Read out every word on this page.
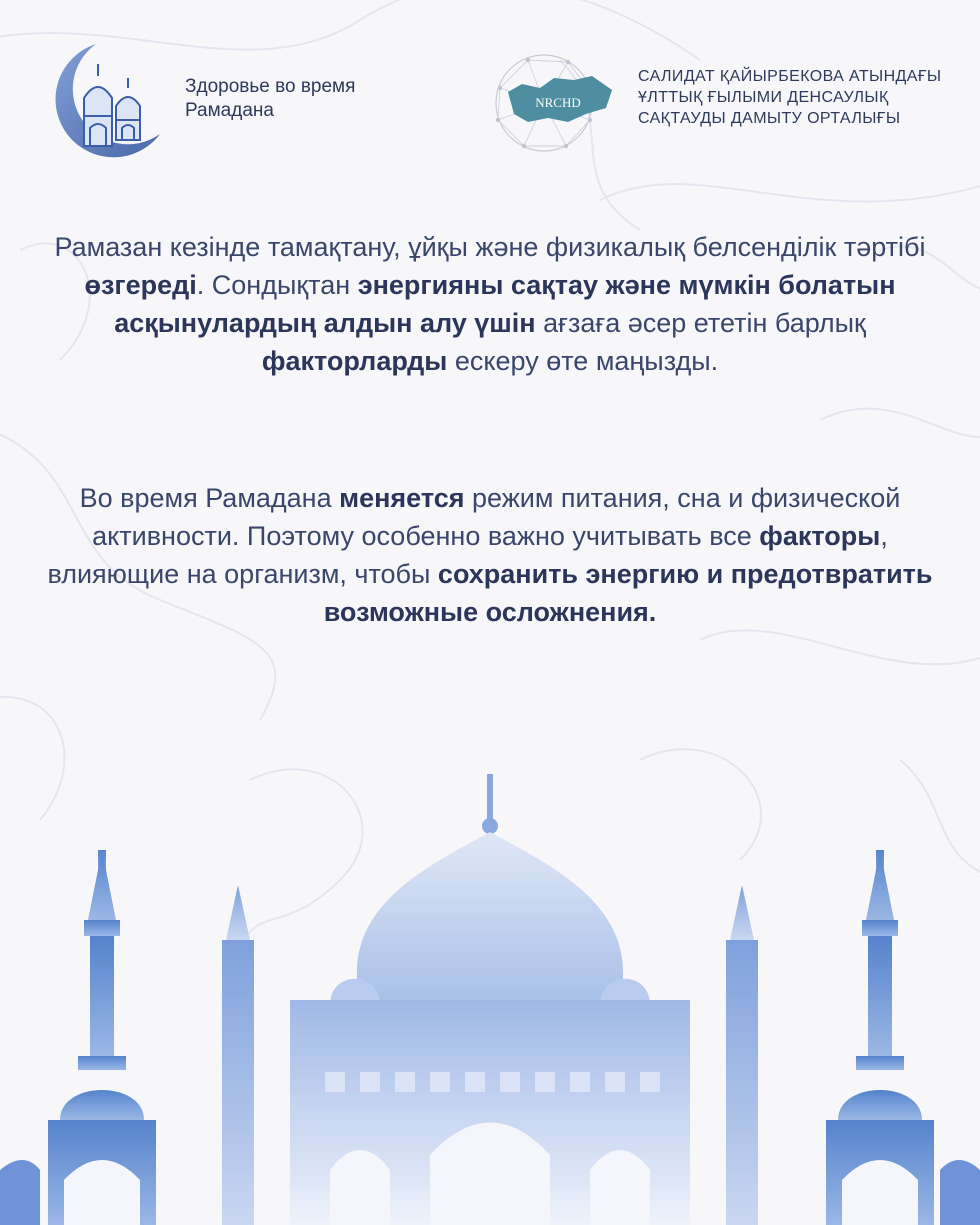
Здоровье во время
Рамадана	NRCHD
САЛИДАТ ҚАЙЫРБЕКОВА АТЫНДАҒЫ
ҰЛТТЫҚ ҒЫЛЫМИ ДЕНСАУЛЫҚ
САҚТАУДЫ ДАМЫТУ ОРТАЛЫҒЫ
Рамазан кезінде тамақтану, ұйқы және физикалық белсенділік тәртібі өзгереді. Сондықтан энергияны сақтау және мүмкін болатын асқынулардың алдын алу үшін ағзаға әсер ететін барлық факторларды ескеру өте маңызды.
Во время Рамадана меняется режим питания, сна и физической активности. Поэтому особенно важно учитывать все факторы, влияющие на организм, чтобы сохранить энергию и предотвратить возможные осложнения.
